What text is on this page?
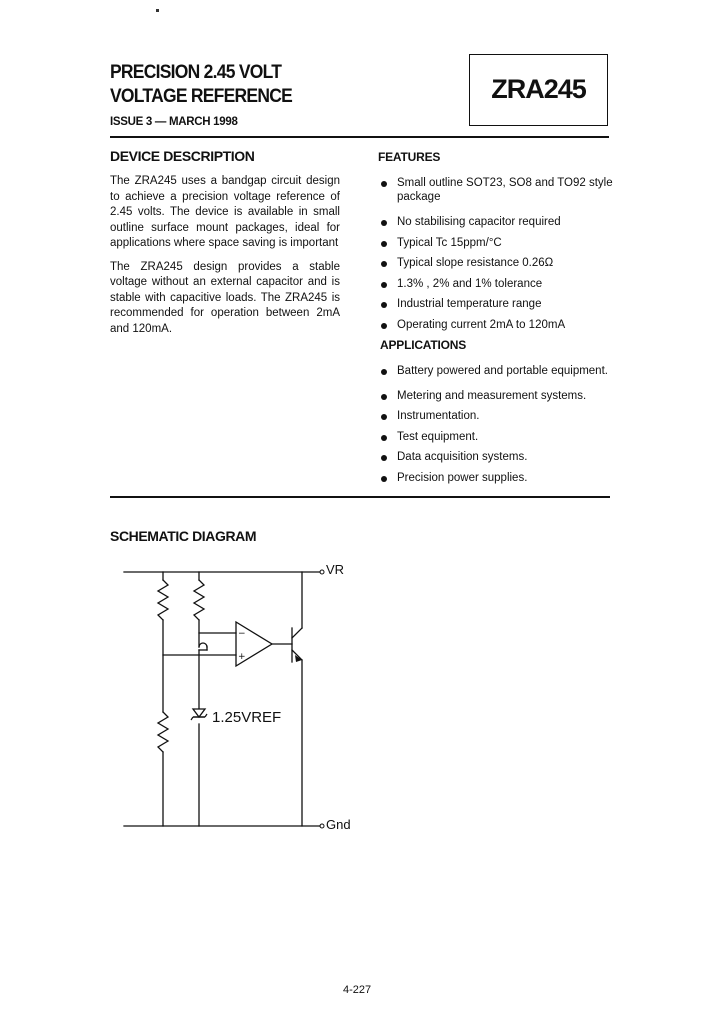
PRECISION 2.45 VOLT
VOLTAGE REFERENCE
ISSUE 3 — MARCH 1998
ZRA245
DEVICE DESCRIPTION

The ZRA245 uses a bandgap circuit design to achieve a precision voltage reference of 2.45 volts. The device is available in small outline surface mount packages, ideal for applications where space saving is important

The ZRA245 design provides a stable voltage without an external capacitor and is stable with capacitive loads. The ZRA245 is recommended for operation between 2mA and 120mA.

FEATURES
Small outline SOT23, SO8 and TO92 style package
No stabilising capacitor required
Typical Tc 15ppm/°C
Typical slope resistance 0.26Ω
1.3% , 2% and 1% tolerance
Industrial temperature range
Operating current 2mA to 120mA
APPLICATIONS
Battery powered and portable equipment.
Metering and measurement systems.
Instrumentation.
Test equipment.
Data acquisition systems.
Precision power supplies.
SCHEMATIC DIAGRAM
−
+
VR
1.25VREF
Gnd
4-227
